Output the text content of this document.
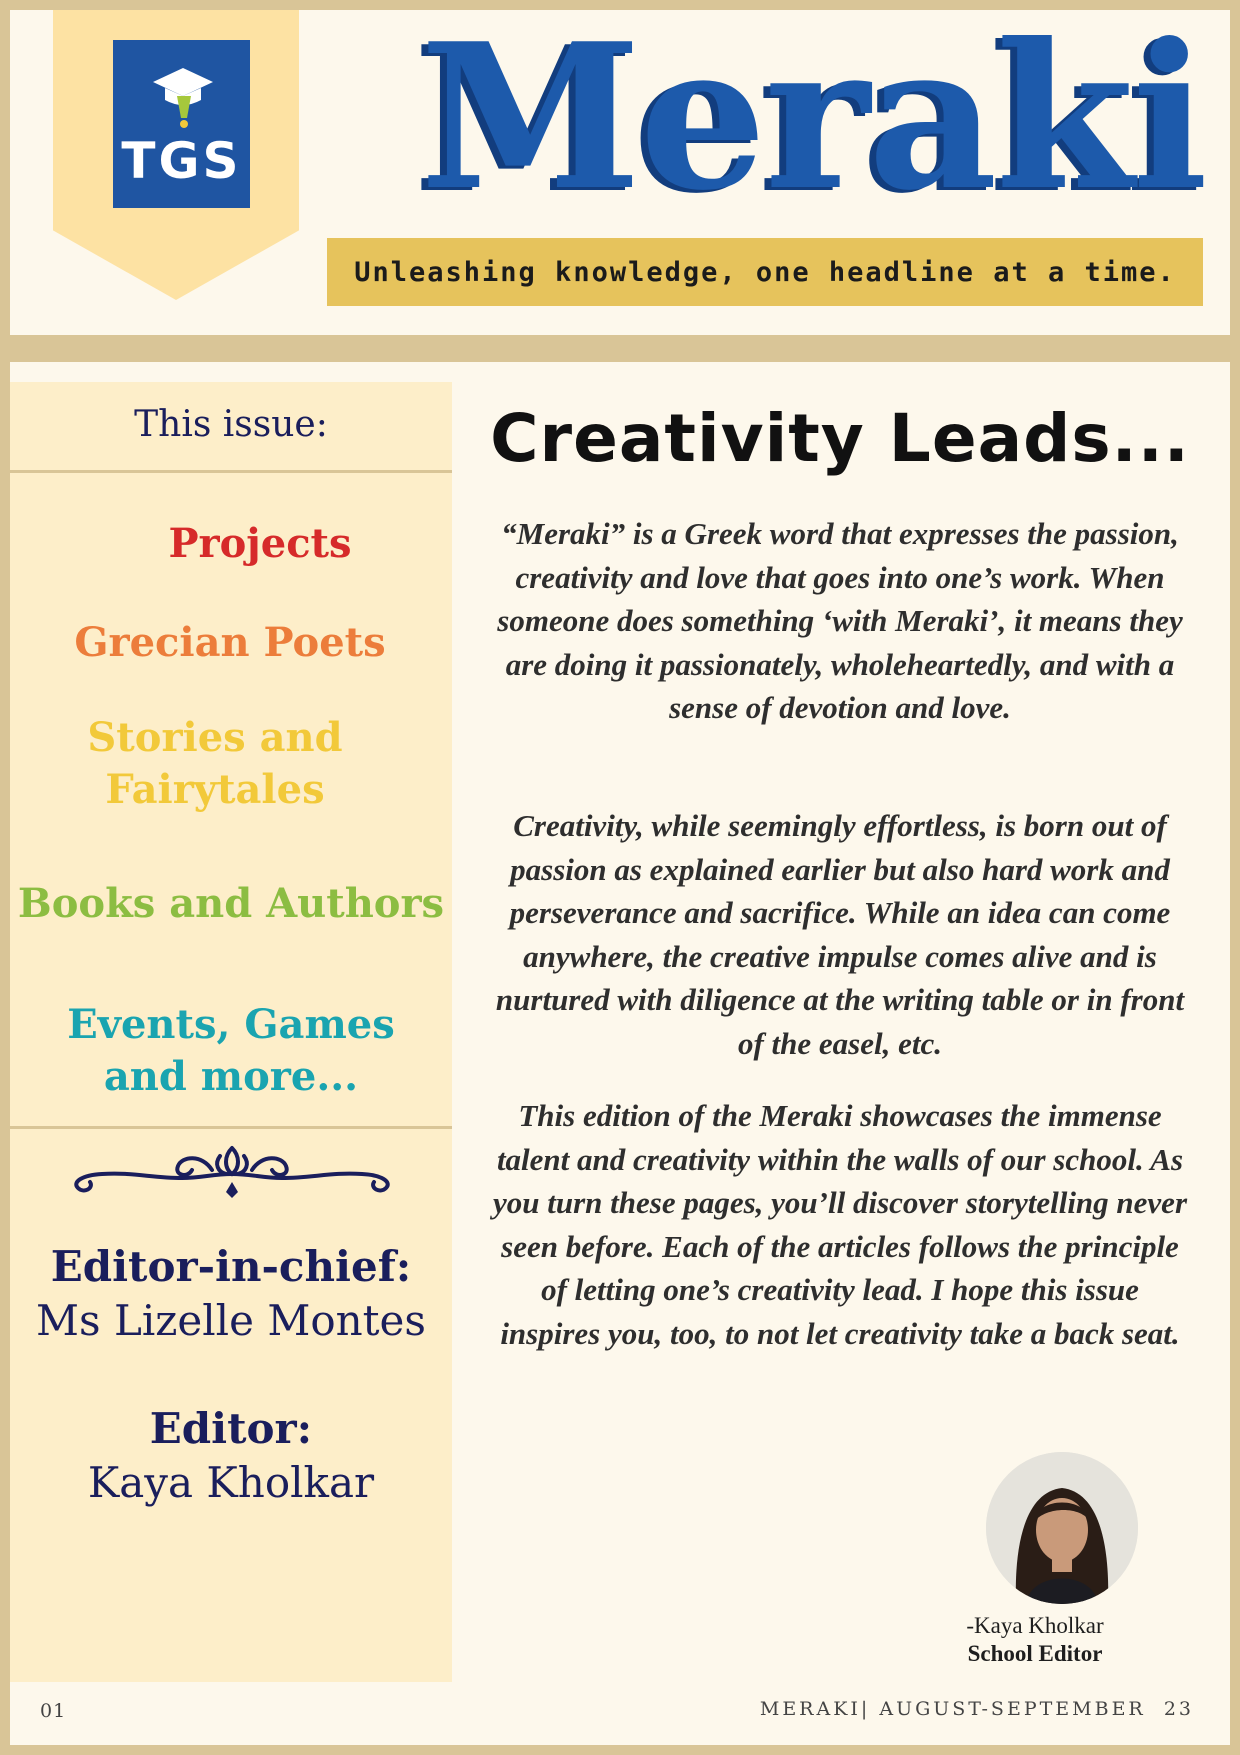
TGS Meraki
Unleashing knowledge, one headline at a time.
This issue:
Projects
Grecian Poets
Stories and Fairytales
Books and Authors
Events, Games and more...
Editor-in-chief:
Ms Lizelle Montes
Editor:
Kaya Kholkar
Creativity Leads...

“Meraki” is a Greek word that expresses the passion, creativity and love that goes into one’s work. When someone does something ‘with Meraki’, it means they are doing it passionately, wholeheartedly, and with a sense of devotion and love.

Creativity, while seemingly effortless, is born out of passion as explained earlier but also hard work and perseverance and sacrifice. While an idea can come anywhere, the creative impulse comes alive and is nurtured with diligence at the writing table or in front of the easel, etc.

This edition of the Meraki showcases the immense talent and creativity within the walls of our school. As you turn these pages, you’ll discover storytelling never seen before. Each of the articles follows the principle of letting one’s creativity lead. I hope this issue inspires you, too, to not let creativity take a back seat.

-Kaya Kholkar
School Editor
01	MERAKI| AUGUST-SEPTEMBER  23
